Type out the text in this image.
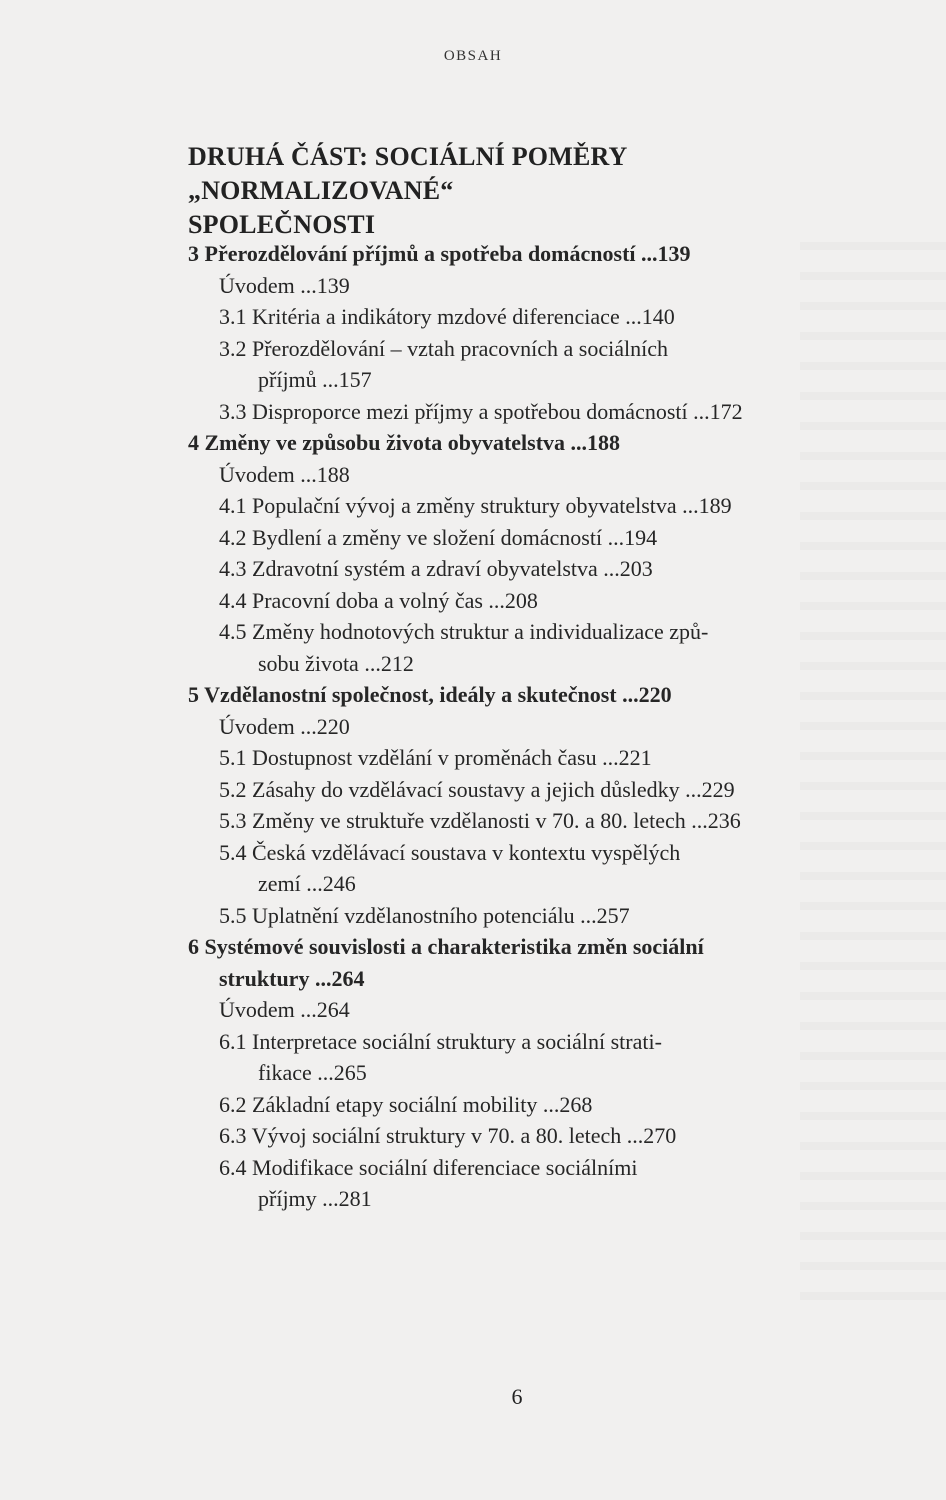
OBSAH
DRUHÁ ČÁST: SOCIÁLNÍ POMĚRY „NORMALIZOVANÉ“
SPOLEČNOSTI
3 Přerozdělování příjmů a spotřeba domácností ...139
Úvodem ...139
3.1 Kritéria a indikátory mzdové diferenciace ...140
3.2 Přerozdělování – vztah pracovních a sociálních
příjmů ...157
3.3 Disproporce mezi příjmy a spotřebou domácností ...172
4 Změny ve způsobu života obyvatelstva ...188
Úvodem ...188
4.1 Populační vývoj a změny struktury obyvatelstva ...189
4.2 Bydlení a změny ve složení domácností ...194
4.3 Zdravotní systém a zdraví obyvatelstva ...203
4.4 Pracovní doba a volný čas ...208
4.5 Změny hodnotových struktur a individualizace způ-
sobu života ...212
5 Vzdělanostní společnost, ideály a skutečnost ...220
Úvodem ...220
5.1 Dostupnost vzdělání v proměnách času ...221
5.2 Zásahy do vzdělávací soustavy a jejich důsledky ...229
5.3 Změny ve struktuře vzdělanosti v 70. a 80. letech ...236
5.4 Česká vzdělávací soustava v kontextu vyspělých
zemí ...246
5.5 Uplatnění vzdělanostního potenciálu ...257
6 Systémové souvislosti a charakteristika změn sociální
struktury ...264
Úvodem ...264
6.1 Interpretace sociální struktury a sociální strati-
fikace ...265
6.2 Základní etapy sociální mobility ...268
6.3 Vývoj sociální struktury v 70. a 80. letech ...270
6.4 Modifikace sociální diferenciace sociálními
příjmy ...281
6
